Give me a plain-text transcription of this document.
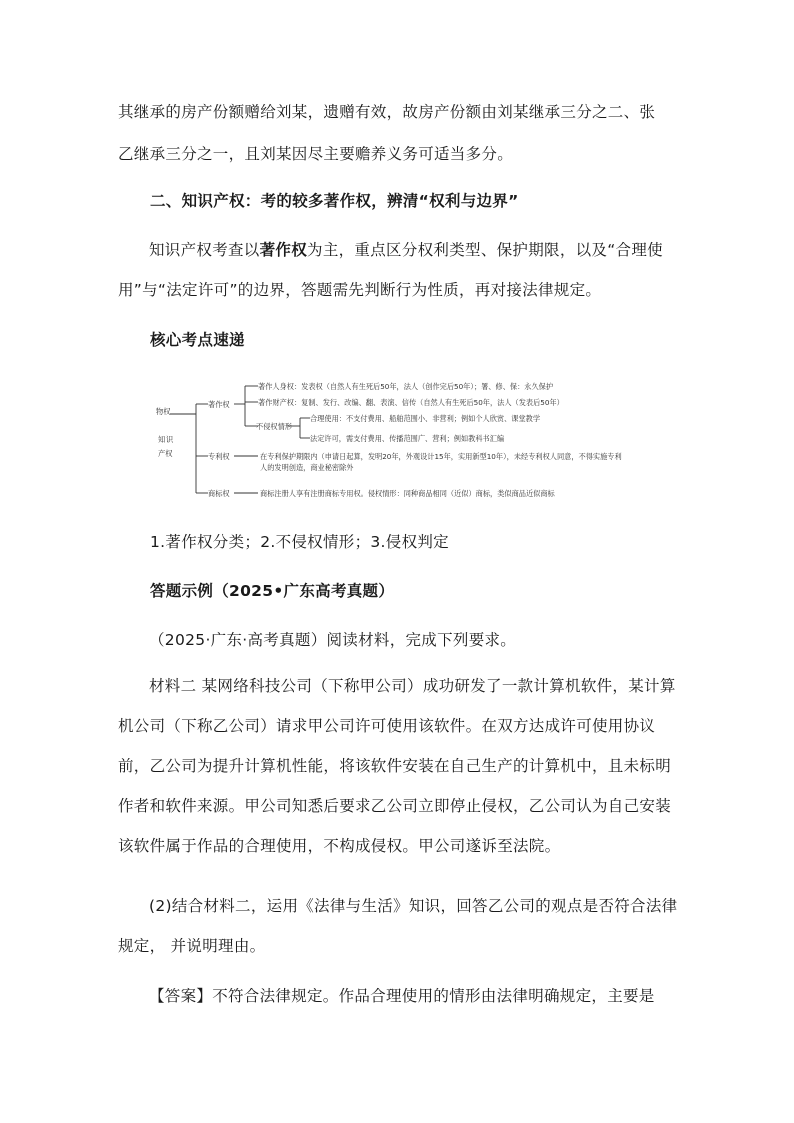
其继承的房产份额赠给刘某，遗赠有效，故房产份额由刘某继承三分之二、张

乙继承三分之一，且刘某因尽主要赡养义务可适当多分。

二、知识产权：考的较多著作权，辨清“权利与边界”

知识产权考查以著作权为主，重点区分权利类型、保护期限，以及“合理使用”与“法定许可”的边界，答题需先判断行为性质，再对接法律规定。

核心考点速递

物权
知 识
产权
著作权
著作人身权：发表权（自然人有生死后50年，法人（创作完后50年）；署、修、保：永久保护
著作财产权：复制、发行、改编、翻、表演、信传（自然人有生死后50年，法人（发表后50年）
不侵权情形
合理使用：不支付费用、船舶范围小、非营利；例如个人欣赏、课堂教学
法定许可，需支付费用、传播范围广、营利；例如教科书汇编
专利权	在专利保护期限内（申请日起算，发明20年，外观设计15年，实用新型10年），未经专利权人同意，不得实施专利
人的发明创造，商业秘密除外
商标权	商标注册人享有注册商标专用权。侵权情形：同种商品相同（近似）商标，类似商品近似商标

1.著作权分类；2.不侵权情形；3.侵权判定

答题示例（2025•广东高考真题）

（2025·广东·高考真题）阅读材料，完成下列要求。

材料二 某网络科技公司（下称甲公司）成功研发了一款计算机软件，某计算机公司（下称乙公司）请求甲公司许可使用该软件。在双方达成许可使用协议前，乙公司为提升计算机性能，将该软件安装在自己生产的计算机中，且未标明作者和软件来源。甲公司知悉后要求乙公司立即停止侵权，乙公司认为自己安装该软件属于作品的合理使用，不构成侵权。甲公司遂诉至法院。

(2)结合材料二，运用《法律与生活》知识，回答乙公司的观点是否符合法律规定， 并说明理由。

【答案】不符合法律规定。作品合理使用的情形由法律明确规定，主要是
